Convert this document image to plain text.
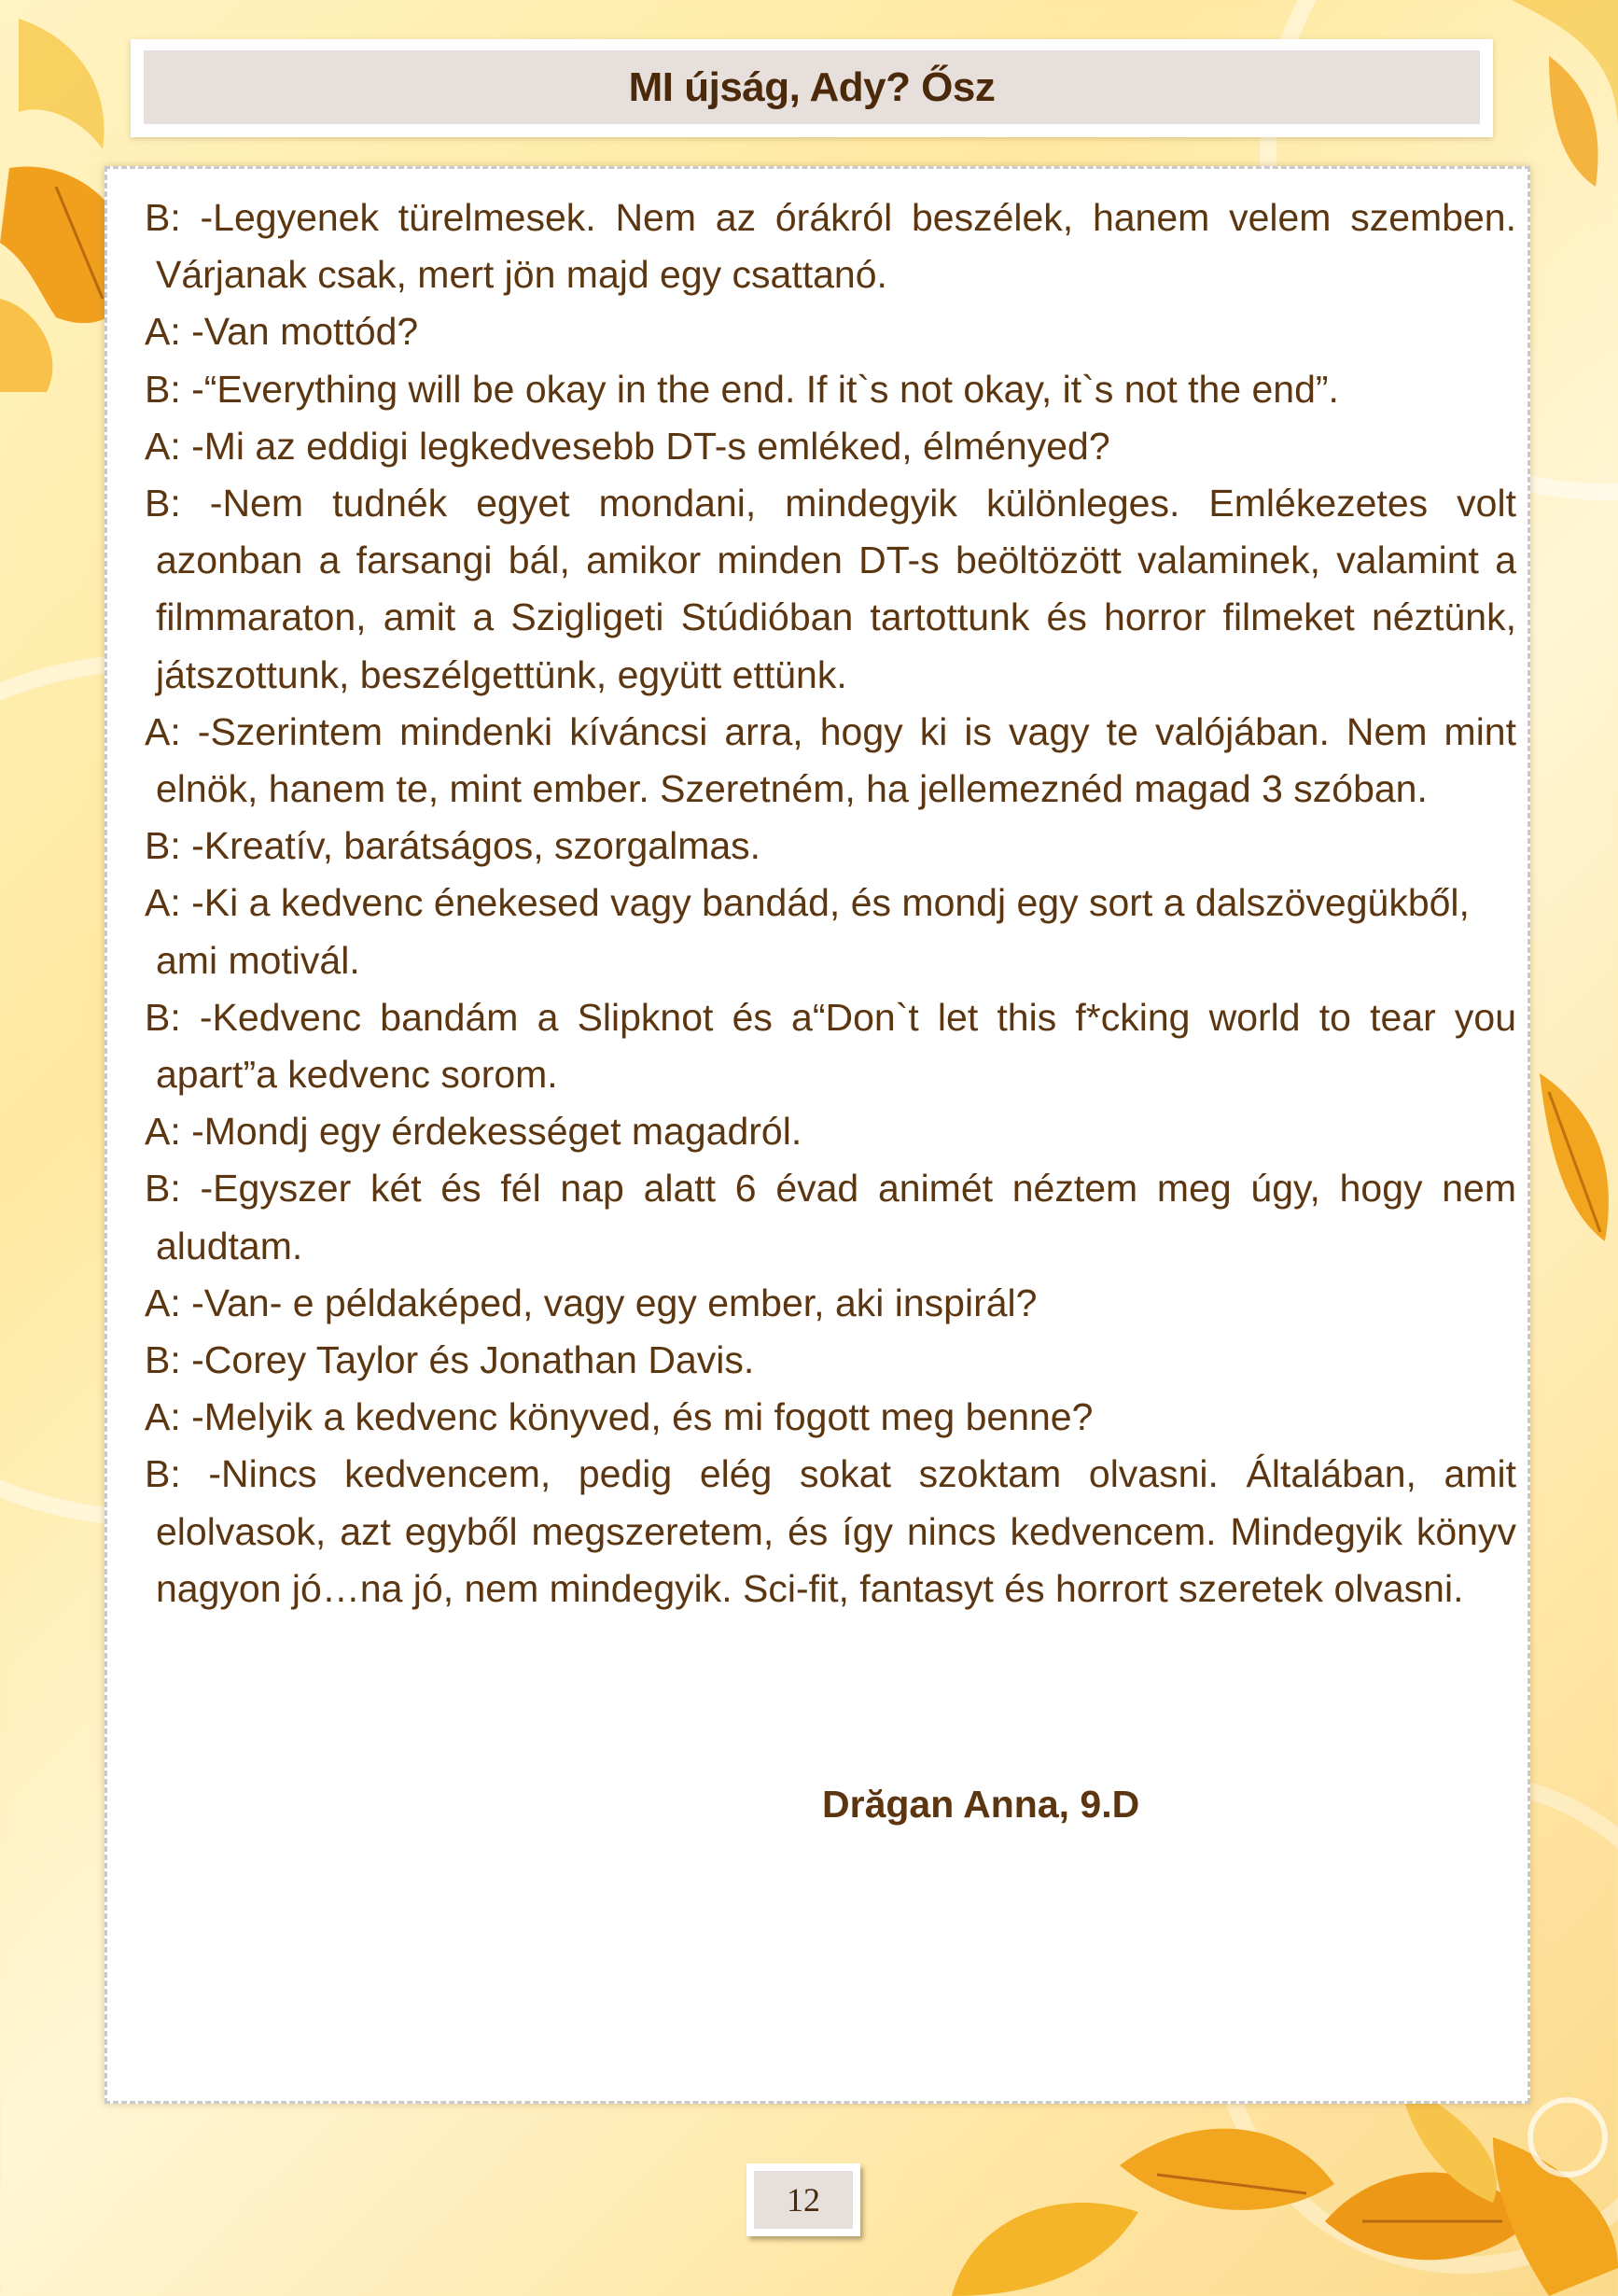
MI újság, Ady? Ősz

B: -Legyenek türelmesek. Nem az órákról beszélek, hanem velem szemben. Várjanak csak, mert jön majd egy csattanó.

A: -Van mottód?

B: -“Everything will be okay in the end. If it`s not okay, it`s not the end”.

A: -Mi az eddigi legkedvesebb DT-s emléked, élményed?

B: -Nem tudnék egyet mondani, mindegyik különleges. Emlékezetes volt azonban a farsangi bál, amikor minden DT-s beöltözött valaminek, valamint a filmmaraton, amit a Szigligeti Stúdióban tartottunk és horror filmeket néztünk, játszottunk, beszélgettünk, együtt ettünk.

A: -Szerintem mindenki kíváncsi arra, hogy ki is vagy te valójában. Nem mint elnök, hanem te, mint ember. Szeretném, ha jellemeznéd magad 3 szóban.

B: -Kreatív, barátságos, szorgalmas.

A: -Ki a kedvenc énekesed vagy bandád, és mondj egy sort a dalszövegükből, ami motivál.

B: -Kedvenc bandám a Slipknot és a“Don`t let this f*cking world to tear you apart”a kedvenc sorom.

A: -Mondj egy érdekességet magadról.

B: -Egyszer két és fél nap alatt 6 évad animét néztem meg úgy, hogy nem aludtam.

A: -Van- e példaképed, vagy egy ember, aki inspirál?

B: -Corey Taylor és Jonathan Davis.

A: -Melyik a kedvenc könyved, és mi fogott meg benne?

B: -Nincs kedvencem, pedig elég sokat szoktam olvasni. Általában, amit elolvasok, azt egyből megszeretem, és így nincs kedvencem. Mindegyik könyv nagyon jó…na jó, nem mindegyik. Sci-fit, fantasyt és horrort szeretek olvasni.

Drăgan Anna, 9.D
12
